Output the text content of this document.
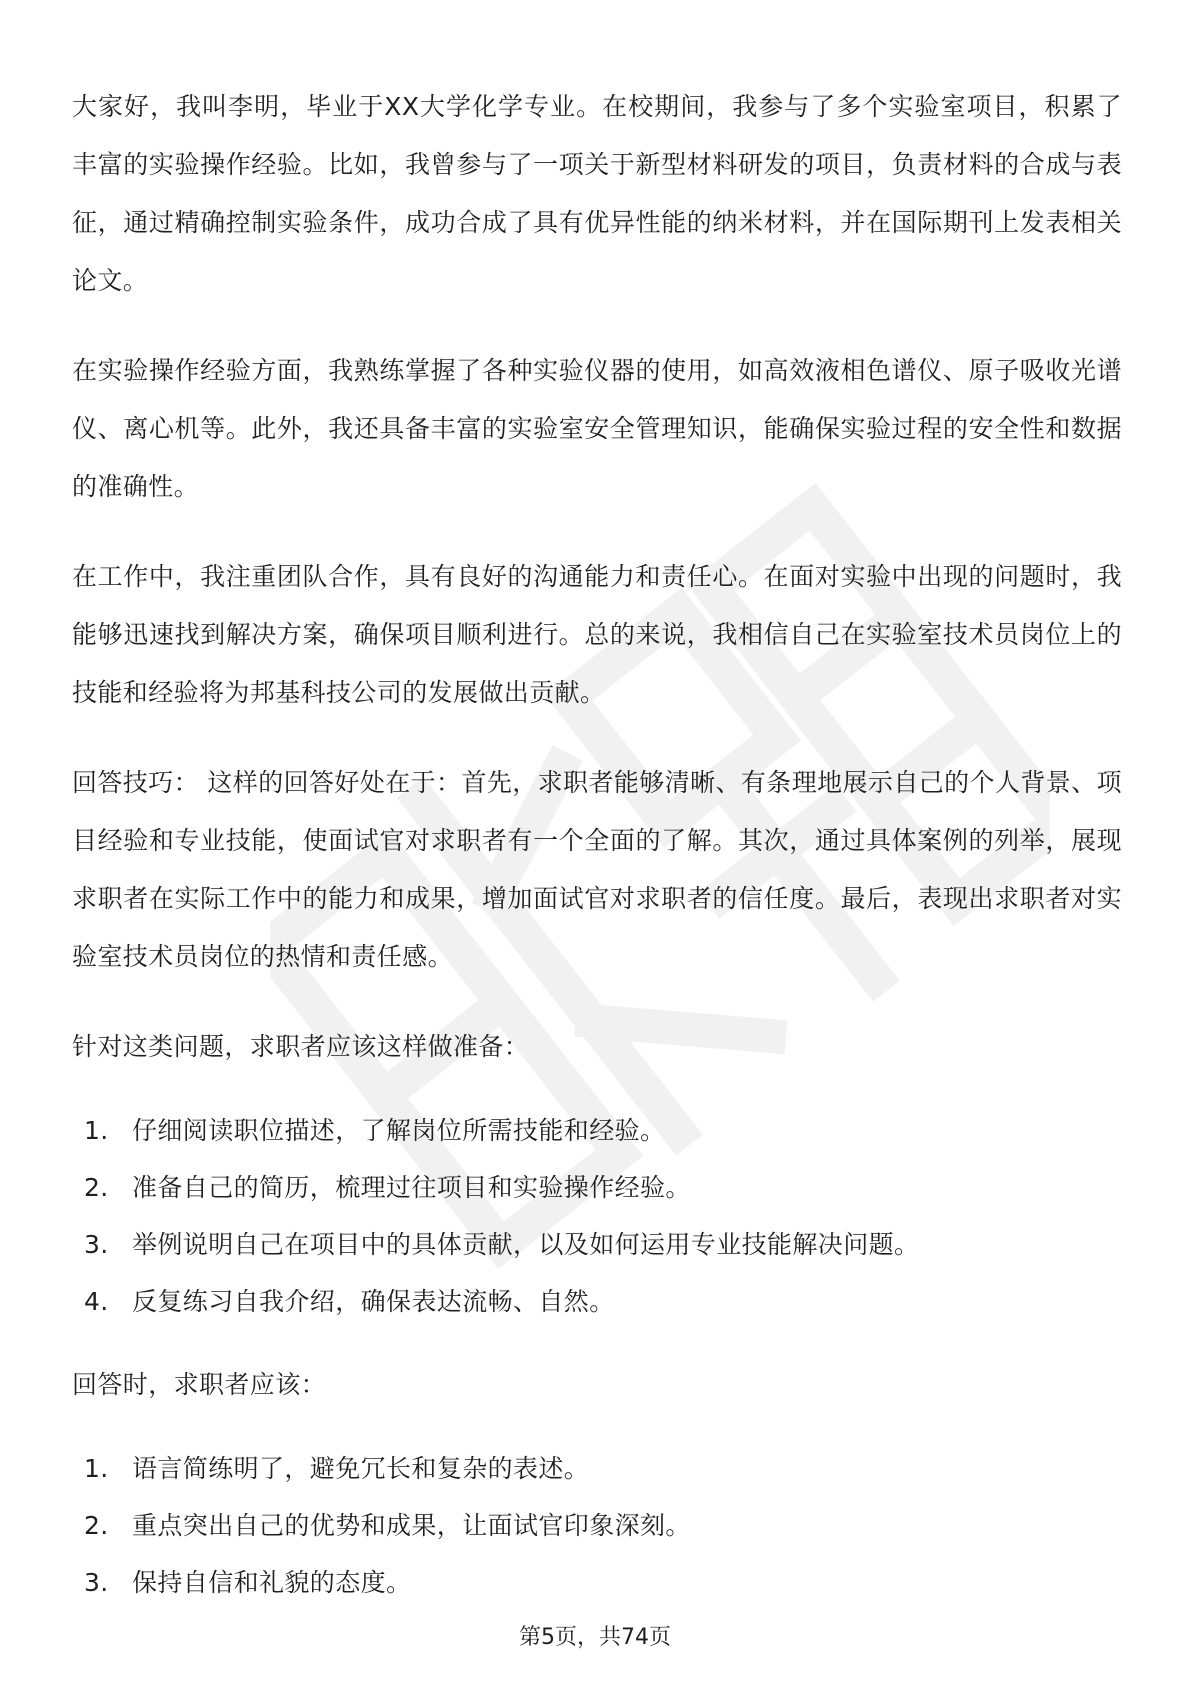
大家好，我叫李明，毕业于XX大学化学专业。在校期间，我参与了多个实验室项目，积累了丰富的实验操作经验。比如，我曾参与了一项关于新型材料研发的项目，负责材料的合成与表征，通过精确控制实验条件，成功合成了具有优异性能的纳米材料，并在国际期刊上发表相关论文。

在实验操作经验方面，我熟练掌握了各种实验仪器的使用，如高效液相色谱仪、原子吸收光谱仪、离心机等。此外，我还具备丰富的实验室安全管理知识，能确保实验过程的安全性和数据的准确性。

在工作中，我注重团队合作，具有良好的沟通能力和责任心。在面对实验中出现的问题时，我能够迅速找到解决方案，确保项目顺利进行。总的来说，我相信自己在实验室技术员岗位上的技能和经验将为邦基科技公司的发展做出贡献。

回答技巧： 这样的回答好处在于：首先，求职者能够清晰、有条理地展示自己的个人背景、项目经验和专业技能，使面试官对求职者有一个全面的了解。其次，通过具体案例的列举，展现求职者在实际工作中的能力和成果，增加面试官对求职者的信任度。最后，表现出求职者对实验室技术员岗位的热情和责任感。

针对这类问题，求职者应该这样做准备：

1. 仔细阅读职位描述，了解岗位所需技能和经验。
2. 准备自己的简历，梳理过往项目和实验操作经验。
3. 举例说明自己在项目中的具体贡献，以及如何运用专业技能解决问题。
4. 反复练习自我介绍，确保表达流畅、自然。

回答时，求职者应该：

1. 语言简练明了，避免冗长和复杂的表述。
2. 重点突出自己的优势和成果，让面试官印象深刻。
3. 保持自信和礼貌的态度。
第5页，共74页
